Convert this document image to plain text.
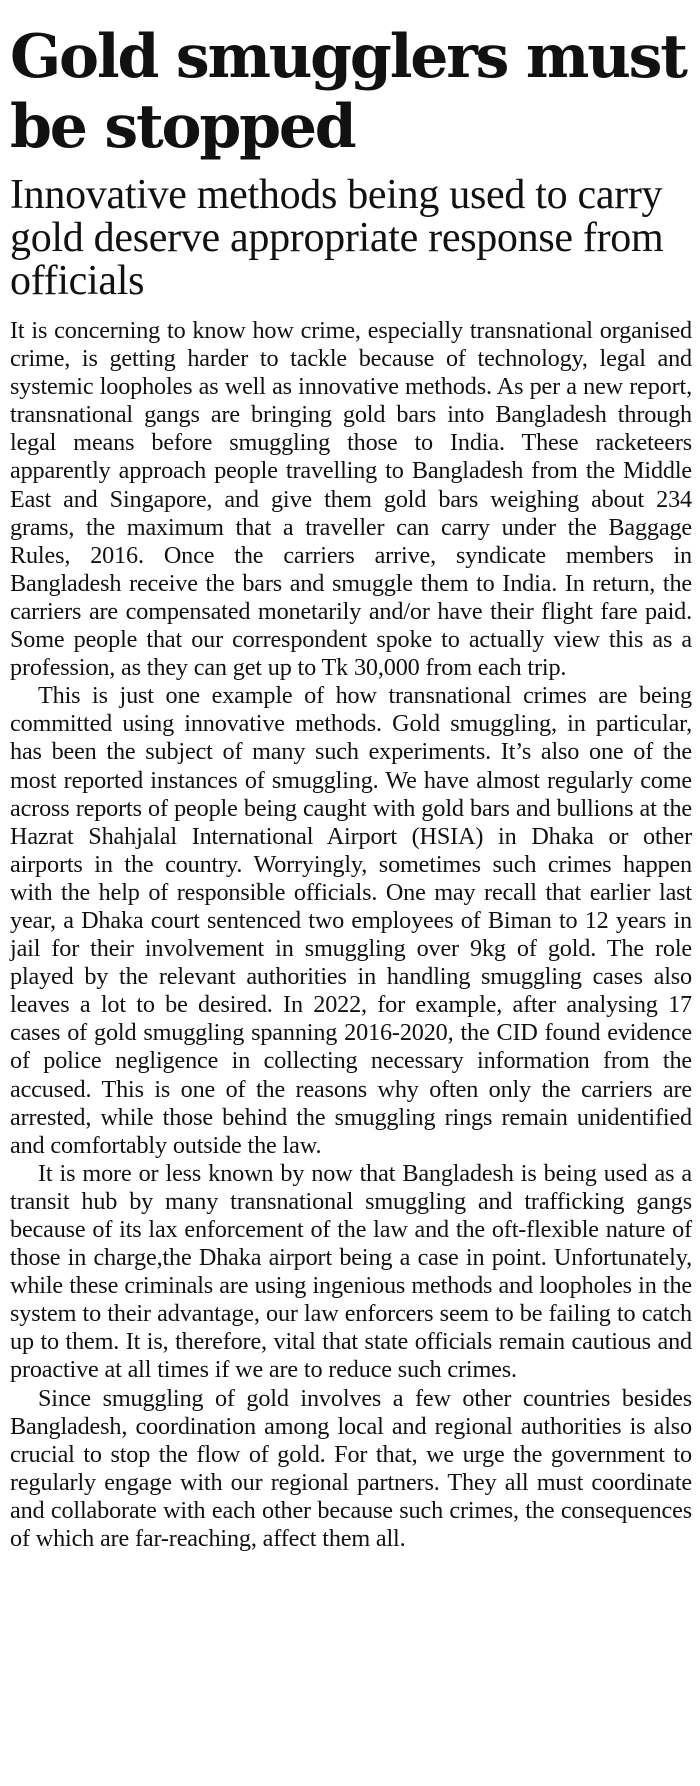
Gold smugglers must be stopped
Innovative methods being used to carry gold deserve appropriate response from officials

It is concerning to know how crime, especially transnational organised crime, is getting harder to tackle because of technology, legal and systemic loopholes as well as innovative methods. As per a new report, transnational gangs are bringing gold bars into Bangladesh through legal means before smuggling those to India. These racketeers apparently approach people travelling to Bangladesh from the Middle East and Singapore, and give them gold bars weighing about 234 grams, the maximum that a traveller can carry under the Baggage Rules, 2016. Once the carriers arrive, syndicate members in Bangladesh receive the bars and smuggle them to India. In return, the carriers are compensated monetarily and/or have their flight fare paid. Some people that our correspondent spoke to actually view this as a profession, as they can get up to Tk 30,000 from each trip.

This is just one example of how transnational crimes are being committed using innovative methods. Gold smuggling, in particular, has been the subject of many such experiments. It’s also one of the most reported instances of smuggling. We have almost regularly come across reports of people being caught with gold bars and bullions at the Hazrat Shahjalal International Airport (HSIA) in Dhaka or other airports in the country. Worryingly, sometimes such crimes happen with the help of responsible officials. One may recall that earlier last year, a Dhaka court sentenced two employees of Biman to 12 years in jail for their involvement in smuggling over 9kg of gold. The role played by the relevant authorities in handling smuggling cases also leaves a lot to be desired. In 2022, for example, after analysing 17 cases of gold smuggling spanning 2016-2020, the CID found evidence of police negligence in collecting necessary information from the accused. This is one of the reasons why often only the carriers are arrested, while those behind the smuggling rings remain unidentified and comfortably outside the law.

It is more or less known by now that Bangladesh is being used as a transit hub by many transnational smuggling and trafficking gangs because of its lax enforcement of the law and the oft-flexible nature of those in charge,the Dhaka airport being a case in point. Unfortunately, while these criminals are using ingenious methods and loopholes in the system to their advantage, our law enforcers seem to be failing to catch up to them. It is, therefore, vital that state officials remain cautious and proactive at all times if we are to reduce such crimes.

Since smuggling of gold involves a few other countries besides Bangladesh, coordination among local and regional authorities is also crucial to stop the flow of gold. For that, we urge the government to regularly engage with our regional partners. They all must coordinate and collaborate with each other because such crimes, the consequences of which are far-reaching, affect them all.
